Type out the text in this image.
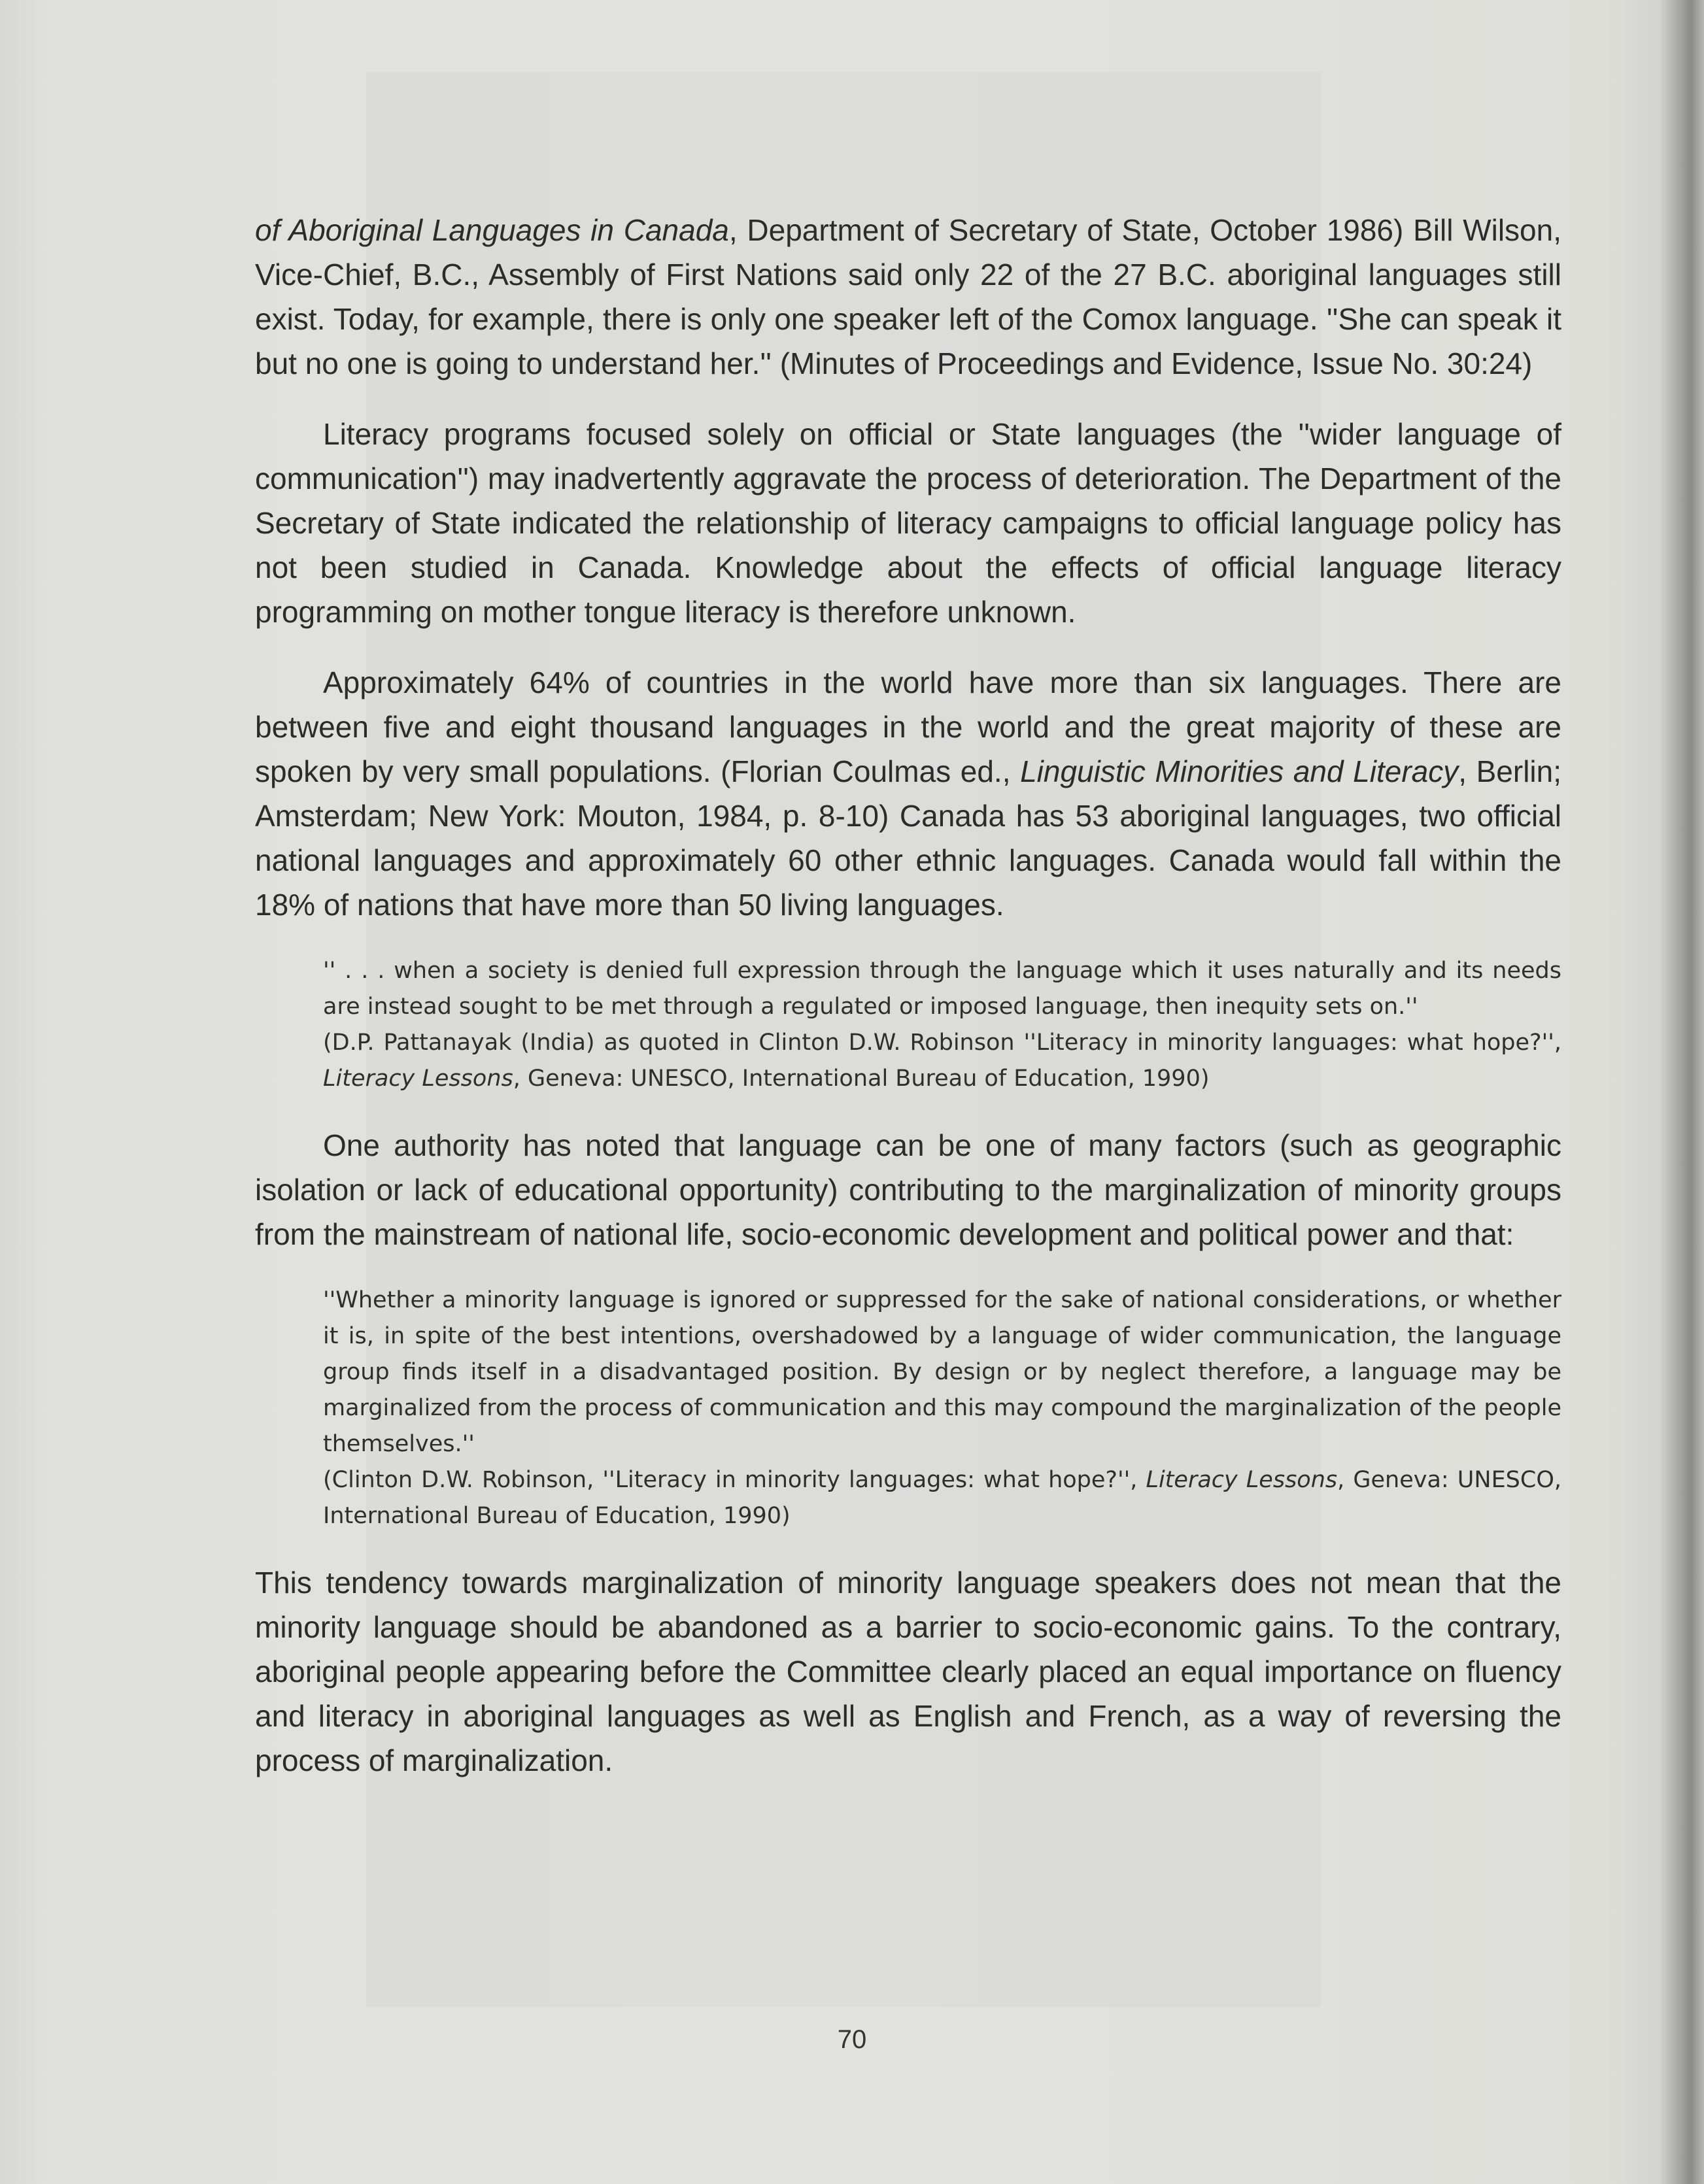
of Aboriginal Languages in Canada, Department of Secretary of State, October 1986) Bill Wilson, Vice-Chief, B.C., Assembly of First Nations said only 22 of the 27 B.C. aboriginal languages still exist. Today, for example, there is only one speaker left of the Comox language. ''She can speak it but no one is going to understand her.'' (Minutes of Proceedings and Evidence, Issue No. 30:24)

Literacy programs focused solely on official or State languages (the ''wider language of communication'') may inadvertently aggravate the process of deterioration. The Department of the Secretary of State indicated the relationship of literacy campaigns to official language policy has not been studied in Canada. Knowledge about the effects of official language literacy programming on mother tongue literacy is therefore unknown.

Approximately 64% of countries in the world have more than six languages. There are between five and eight thousand languages in the world and the great majority of these are spoken by very small populations. (Florian Coulmas ed., Linguistic Minorities and Literacy, Berlin; Amsterdam; New York: Mouton, 1984, p. 8-10) Canada has 53 aboriginal languages, two official national languages and approximately 60 other ethnic languages. Canada would fall within the 18% of nations that have more than 50 living languages.

'' . . . when a society is denied full expression through the language which it uses naturally and its needs are instead sought to be met through a regulated or imposed language, then inequity sets on.''

(D.P. Pattanayak (India) as quoted in Clinton D.W. Robinson ''Literacy in minority languages: what hope?'', Literacy Lessons, Geneva: UNESCO, International Bureau of Education, 1990)

One authority has noted that language can be one of many factors (such as geographic isolation or lack of educational opportunity) contributing to the marginalization of minority groups from the mainstream of national life, socio-economic development and political power and that:

''Whether a minority language is ignored or suppressed for the sake of national considerations, or whether it is, in spite of the best intentions, overshadowed by a language of wider communication, the language group finds itself in a disadvantaged position. By design or by neglect therefore, a language may be marginalized from the process of communication and this may compound the marginalization of the people themselves.''

(Clinton D.W. Robinson, ''Literacy in minority languages: what hope?'', Literacy Lessons, Geneva: UNESCO, International Bureau of Education, 1990)

This tendency towards marginalization of minority language speakers does not mean that the minority language should be abandoned as a barrier to socio-economic gains. To the contrary, aboriginal people appearing before the Committee clearly placed an equal importance on fluency and literacy in aboriginal languages as well as English and French, as a way of reversing the process of marginalization.

70
